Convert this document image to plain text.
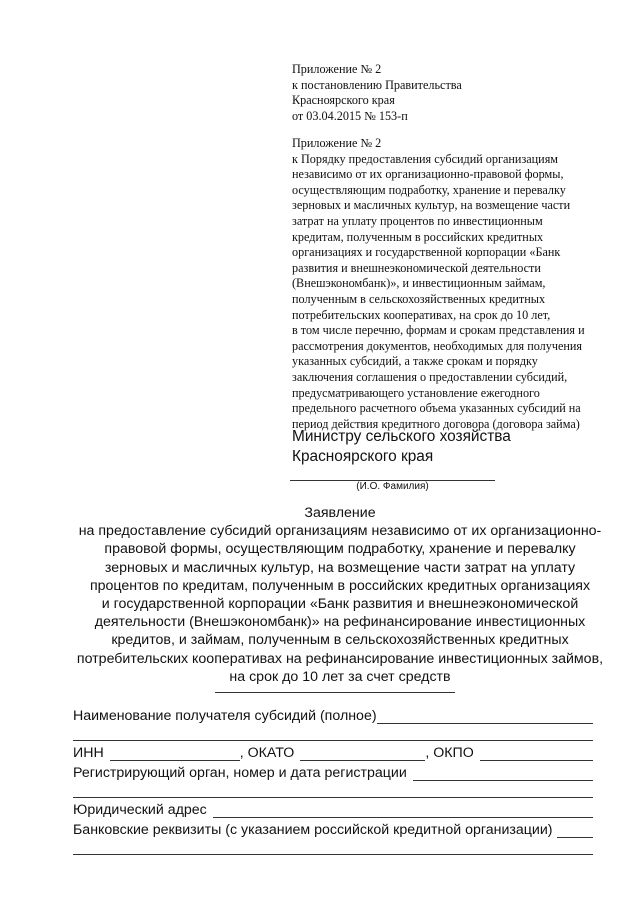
Приложение № 2

к постановлению Правительства

Красноярского края

от 03.04.2015 № 153-п

Приложение № 2

к Порядку предоставления субсидий организациям

независимо от их организационно-правовой формы,

осуществляющим подработку, хранение и перевалку

зерновых и масличных культур, на возмещение части

затрат на уплату процентов по инвестиционным

кредитам, полученным в российских кредитных

организациях и государственной корпорации «Банк

развития и внешнеэкономической деятельности

(Внешэкономбанк)», и инвестиционным займам,

полученным в сельскохозяйственных кредитных

потребительских кооперативах, на срок до 10 лет,

в том числе перечню, формам и срокам представления и

рассмотрения документов, необходимых для получения

указанных субсидий, а также срокам и порядку

заключения соглашения о предоставлении субсидий,

предусматривающего установление ежегодного

предельного расчетного объема указанных субсидий на

период действия кредитного договора (договора займа)

Министру сельского хозяйства

Красноярского края

(И.О. Фамилия)

Заявление

на предоставление субсидий организациям независимо от их организационно-

правовой формы, осуществляющим подработку, хранение и перевалку

зерновых и масличных культур, на возмещение части затрат на уплату

процентов по кредитам, полученным в российских кредитных организациях

и государственной корпорации «Банк развития и внешнеэкономической

деятельности (Внешэкономбанк)» на рефинансирование инвестиционных

кредитов, и займам, полученным в сельскохозяйственных кредитных

потребительских кооперативах на рефинансирование инвестиционных займов,

на срок до 10 лет за счет средств

Наименование получателя субсидий (полное)
ИНН	, ОКАТО	, ОКПО
Регистрирующий орган, номер и дата регистрации
Юридический адрес
Банковские реквизиты (с указанием российской кредитной организации)
